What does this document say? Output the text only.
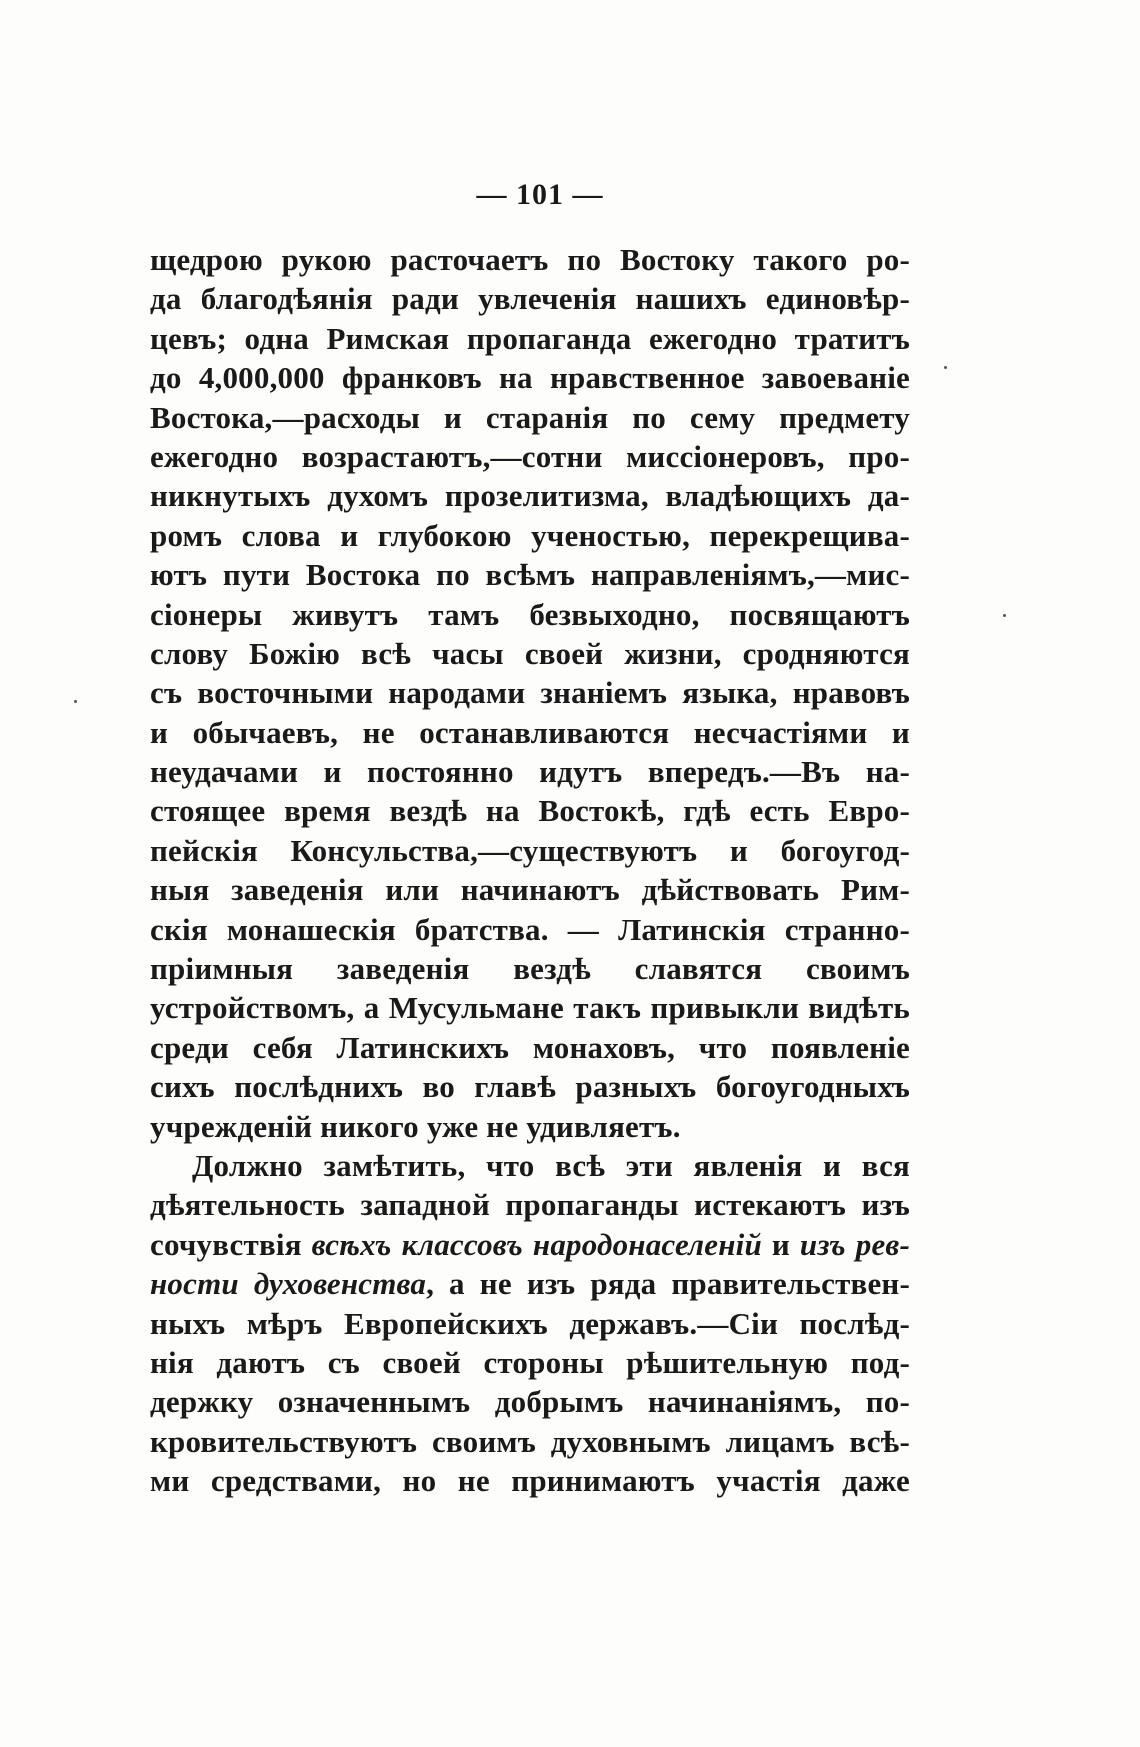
— 101 —
щедрою рукою расточаетъ по Востоку такого ро-
да благодѣянія ради увлеченія нашихъ единовѣр-
цевъ; одна Римская пропаганда ежегодно тратитъ
до 4,000,000 франковъ на нравственное завоеваніе
Востока,—расходы и старанія по сему предмету
ежегодно возрастаютъ,—сотни миссіонеровъ, про-
никнутыхъ духомъ прозелитизма, владѣющихъ да-
ромъ слова и глубокою ученостью, перекрещива-
ютъ пути Востока по всѣмъ направленіямъ,—мис-
сіонеры живутъ тамъ безвыходно, посвящаютъ
слову Божію всѣ часы своей жизни, сродняются
съ восточными народами знаніемъ языка, нравовъ
и обычаевъ, не останавливаются несчастіями и
неудачами и постоянно идутъ впередъ.—Въ на-
стоящее время вездѣ на Востокѣ, гдѣ есть Евро-
пейскія Консульства,—существуютъ и богоугод-
ныя заведенія или начинаютъ дѣйствовать Рим-
скія монашескія братства. — Латинскія странно-
пріимныя заведенія вездѣ славятся своимъ
устройствомъ, а Мусульмане такъ привыкли видѣть
среди себя Латинскихъ монаховъ, что появленіе
сихъ послѣднихъ во главѣ разныхъ богоугодныхъ
учрежденій никого уже не удивляетъ.
Должно замѣтить, что всѣ эти явленія и вся
дѣятельность западной пропаганды истекаютъ изъ
сочувствія всѣхъ классовъ народонаселеній и изъ рев-
ности духовенства, а не изъ ряда правительствен-
ныхъ мѣръ Европейскихъ державъ.—Сіи послѣд-
нія даютъ съ своей стороны рѣшительную под-
держку означеннымъ добрымъ начинаніямъ, по-
кровительствуютъ своимъ духовнымъ лицамъ всѣ-
ми средствами, но не принимаютъ участія даже
